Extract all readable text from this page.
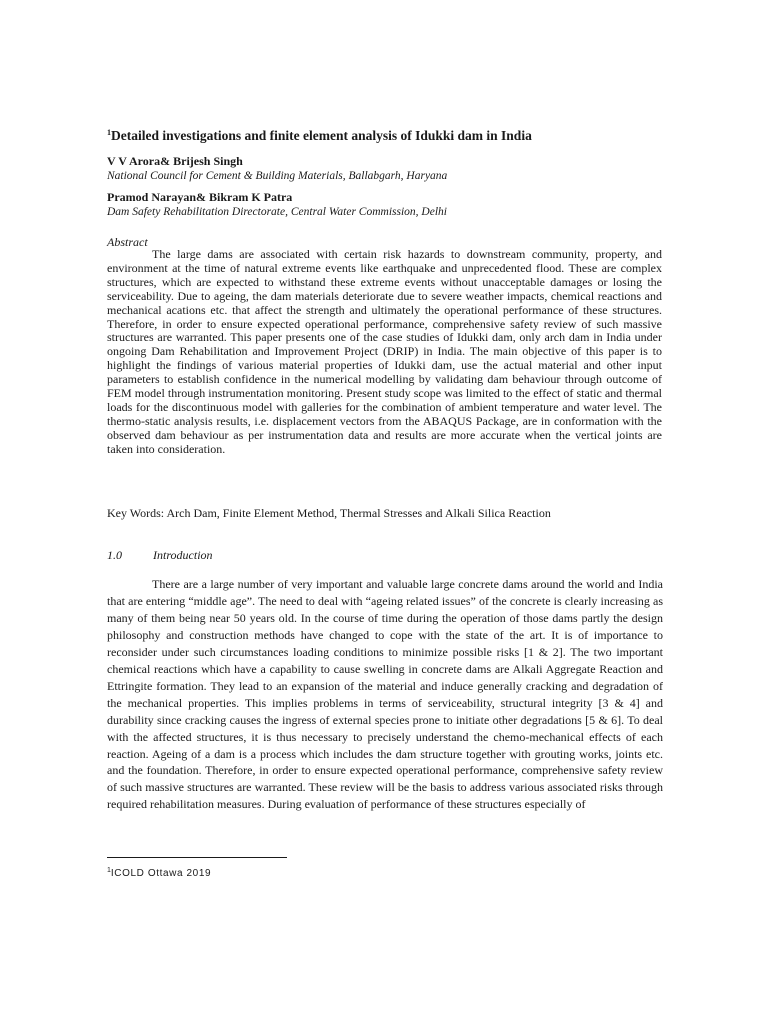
$^1$Detailed investigations and finite element analysis of Idukki dam in India
V V Arora& Brijesh Singh
National Council for Cement & Building Materials, Ballabgarh, Haryana
Pramod Narayan& Bikram K Patra
Dam Safety Rehabilitation Directorate, Central Water Commission, Delhi
Abstract

The large dams are associated with certain risk hazards to downstream community, property, and environment at the time of natural extreme events like earthquake and unprecedented flood. These are complex structures, which are expected to withstand these extreme events without unacceptable damages or losing the serviceability. Due to ageing, the dam materials deteriorate due to severe weather impacts, chemical reactions and mechanical acations etc. that affect the strength and ultimately the operational performance of these structures. Therefore, in order to ensure expected operational performance, comprehensive safety review of such massive structures are warranted. This paper presents one of the case studies of Idukki dam, only arch dam in India under ongoing Dam Rehabilitation and Improvement Project (DRIP) in India. The main objective of this paper is to highlight the findings of various material properties of Idukki dam, use the actual material and other input parameters to establish confidence in the numerical modelling by validating dam behaviour through outcome of FEM model through instrumentation monitoring. Present study scope was limited to the effect of static and thermal loads for the discontinuous model with galleries for the combination of ambient temperature and water level. The thermo-static analysis results, i.e. displacement vectors from the ABAQUS Package, are in conformation with the observed dam behaviour as per instrumentation data and results are more accurate when the vertical joints are taken into consideration.

Key Words: Arch Dam, Finite Element Method, Thermal Stresses and Alkali Silica Reaction
1.0	Introduction

There are a large number of very important and valuable large concrete dams around the world and India that are entering “middle age”. The need to deal with “ageing related issues” of the concrete is clearly increasing as many of them being near 50 years old. In the course of time during the operation of those dams partly the design philosophy and construction methods have changed to cope with the state of the art. It is of importance to reconsider under such circumstances loading conditions to minimize possible risks [1 & 2]. The two important chemical reactions which have a capability to cause swelling in concrete dams are Alkali Aggregate Reaction and Ettringite formation. They lead to an expansion of the material and induce generally cracking and degradation of the mechanical properties. This implies problems in terms of serviceability, structural integrity [3 & 4] and durability since cracking causes the ingress of external species prone to initiate other degradations [5 & 6]. To deal with the affected structures, it is thus necessary to precisely understand the chemo-mechanical effects of each reaction. Ageing of a dam is a process which includes the dam structure together with grouting works, joints etc. and the foundation. Therefore, in order to ensure expected operational performance, comprehensive safety review of such massive structures are warranted. These review will be the basis to address various associated risks through required rehabilitation measures. During evaluation of performance of these structures especially of

$^1$ICOLD Ottawa 2019
